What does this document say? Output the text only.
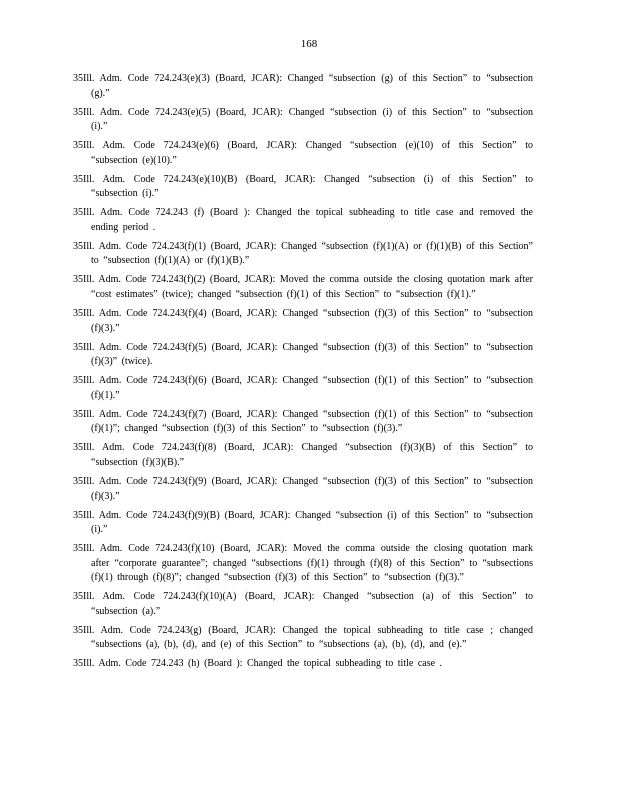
168

35Ill. Adm. Code 724.243(e)(3) (Board, JCAR): Changed “subsection (g) of this Section” to “subsection (g).”

35Ill. Adm. Code 724.243(e)(5) (Board, JCAR): Changed “subsection (i) of this Section” to “subsection (i).”

35Ill. Adm. Code 724.243(e)(6) (Board, JCAR): Changed “subsection (e)(10) of this Section” to “subsection (e)(10).”

35Ill. Adm. Code 724.243(e)(10)(B) (Board, JCAR): Changed “subsection (i) of this Section” to “subsection (i).”

35Ill. Adm. Code 724.243 (f) (Board ): Changed the topical subheading to title case and removed the ending period .

35Ill. Adm. Code 724.243(f)(1) (Board, JCAR): Changed “subsection (f)(1)(A) or (f)(1)(B) of this Section” to “subsection (f)(1)(A) or (f)(1)(B).”

35Ill. Adm. Code 724.243(f)(2) (Board, JCAR): Moved the comma outside the closing quotation mark after “cost estimates” (twice); changed “subsection (f)(1) of this Section” to “subsection (f)(1).”

35Ill. Adm. Code 724.243(f)(4) (Board, JCAR): Changed “subsection (f)(3) of this Section” to “subsection (f)(3).”

35Ill. Adm. Code 724.243(f)(5) (Board, JCAR): Changed “subsection (f)(3) of this Section” to “subsection (f)(3)” (twice).

35Ill. Adm. Code 724.243(f)(6) (Board, JCAR): Changed “subsection (f)(1) of this Section” to “subsection (f)(1).”

35Ill. Adm. Code 724.243(f)(7) (Board, JCAR): Changed “subsection (f)(1) of this Section” to “subsection (f)(1)”; changed “subsection (f)(3) of this Section” to “subsection (f)(3).”

35Ill. Adm. Code 724.243(f)(8) (Board, JCAR): Changed “subsection (f)(3)(B) of this Section” to “subsection (f)(3)(B).”

35Ill. Adm. Code 724.243(f)(9) (Board, JCAR): Changed “subsection (f)(3) of this Section” to “subsection (f)(3).”

35Ill. Adm. Code 724.243(f)(9)(B) (Board, JCAR): Changed “subsection (i) of this Section” to “subsection (i).”

35Ill. Adm. Code 724.243(f)(10) (Board, JCAR): Moved the comma outside the closing quotation mark after “corporate guarantee”; changed “subsections (f)(1) through (f)(8) of this Section” to “subsections (f)(1) through (f)(8)”; changed “subsection (f)(3) of this Section” to “subsection (f)(3).”

35Ill. Adm. Code 724.243(f)(10)(A) (Board, JCAR): Changed “subsection (a) of this Section” to “subsection (a).”

35Ill. Adm. Code 724.243(g) (Board, JCAR): Changed the topical subheading to title case ; changed “subsections (a), (b), (d), and (e) of this Section” to “subsections (a), (b), (d), and (e).”

35Ill. Adm. Code 724.243 (h) (Board ): Changed the topical subheading to title case .
